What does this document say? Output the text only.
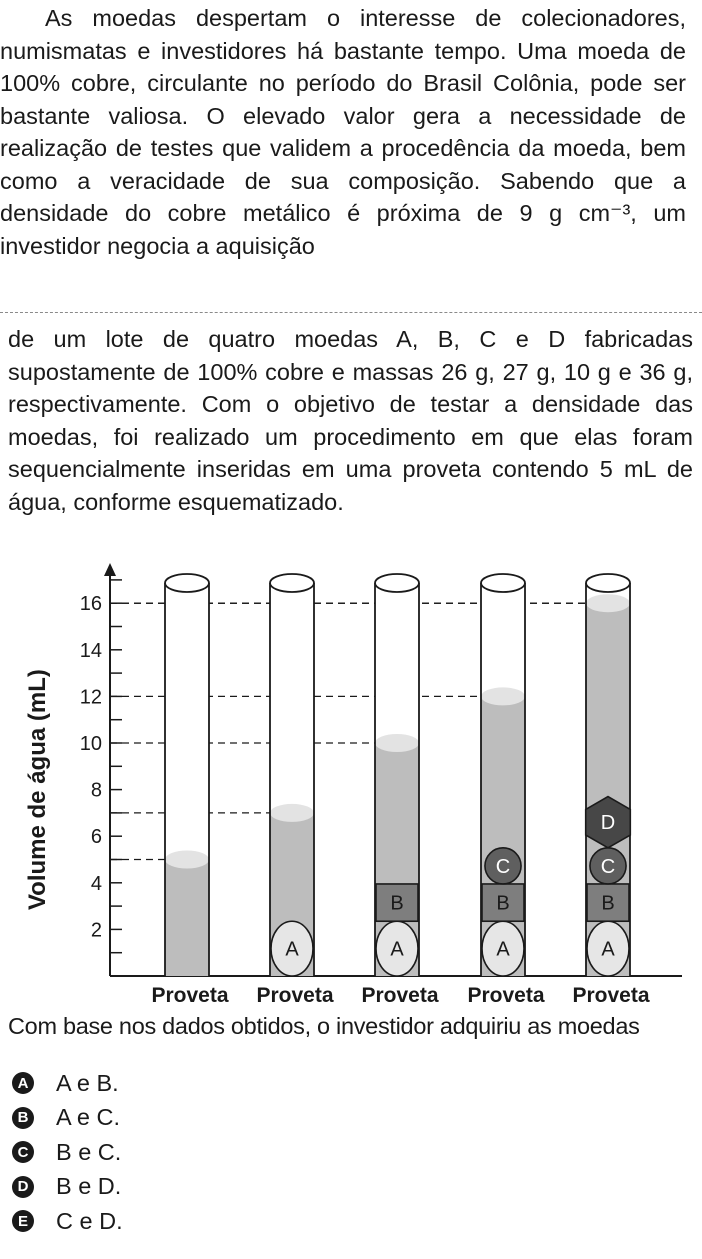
As moedas despertam o interesse de colecionadores, numismatas e investidores há bastante tempo. Uma moeda de 100% cobre, circulante no período do Brasil Colônia, pode ser bastante valiosa. O elevado valor gera a necessidade de realização de testes que validem a procedência da moeda, bem como a veracidade de sua composição. Sabendo que a densidade do cobre metálico é próxima de 9 g cm⁻³, um investidor negocia a aquisição

de um lote de quatro moedas A, B, C e D fabricadas supostamente de 100% cobre e massas 26 g, 27 g, 10 g e 36 g, respectivamente. Com o objetivo de testar a densidade das moedas, foi realizado um procedimento em que elas foram sequencialmente inseridas em uma proveta contendo 5 mL de água, conforme esquematizado.

2
4
6
8
10
12
14
16
Volume de água (mL)
Proveta
A
Proveta
A
B
Proveta
A
B
C
Proveta
A
B
C
D
Proveta

Com base nos dados obtidos, o investidor adquiriu as moedas

A A e B.
B A e C.
C B e C.
D B e D.
E C e D.
